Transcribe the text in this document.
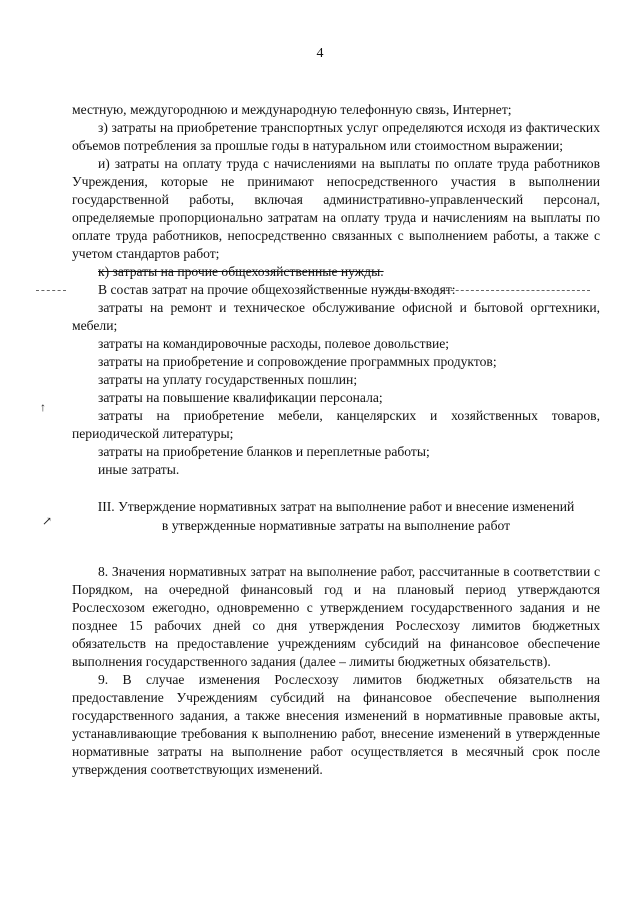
4
↑
↗

местную, междугороднюю и международную телефонную связь, Интернет;

з) затраты на приобретение транспортных услуг определяются исходя из фактических объемов потребления за прошлые годы в натуральном или стоимостном выражении;

и) затраты на оплату труда с начислениями на выплаты по оплате труда работников Учреждения, которые не принимают непосредственного участия в выполнении государственной работы, включая административно-управленческий персонал, определяемые пропорционально затратам на оплату труда и начислениям на выплаты по оплате труда работников, непосредственно связанных с выполнением работы, а также с учетом стандартов работ;

к) затраты на прочие общехозяйственные нужды.

В состав затрат на прочие общехозяйственные нужды входят:

затраты на ремонт и техническое обслуживание офисной и бытовой оргтехники, мебели;

затраты на командировочные расходы, полевое довольствие;

затраты на приобретение и сопровождение программных продуктов;

затраты на уплату государственных пошлин;

затраты на повышение квалификации персонала;

затраты на приобретение мебели, канцелярских и хозяйственных товаров, периодической литературы;

затраты на приобретение бланков и переплетные работы;

иные затраты.

III. Утверждение нормативных затрат на выполнение работ и внесение изменений
в утвержденные нормативные затраты на выполнение работ

8. Значения нормативных затрат на выполнение работ, рассчитанные в соответствии с Порядком, на очередной финансовый год и на плановый период утверждаются Рослесхозом ежегодно, одновременно с утверждением государственного задания и не позднее 15 рабочих дней со дня утверждения Рослесхозу лимитов бюджетных обязательств на предоставление учреждениям субсидий на финансовое обеспечение выполнения государственного задания (далее – лимиты бюджетных обязательств).

9. В случае изменения Рослесхозу лимитов бюджетных обязательств на предоставление Учреждениям субсидий на финансовое обеспечение выполнения государственного задания, а также внесения изменений в нормативные правовые акты, устанавливающие требования к выполнению работ, внесение изменений в утвержденные нормативные затраты на выполнение работ осуществляется в месячный срок после утверждения соответствующих изменений.
